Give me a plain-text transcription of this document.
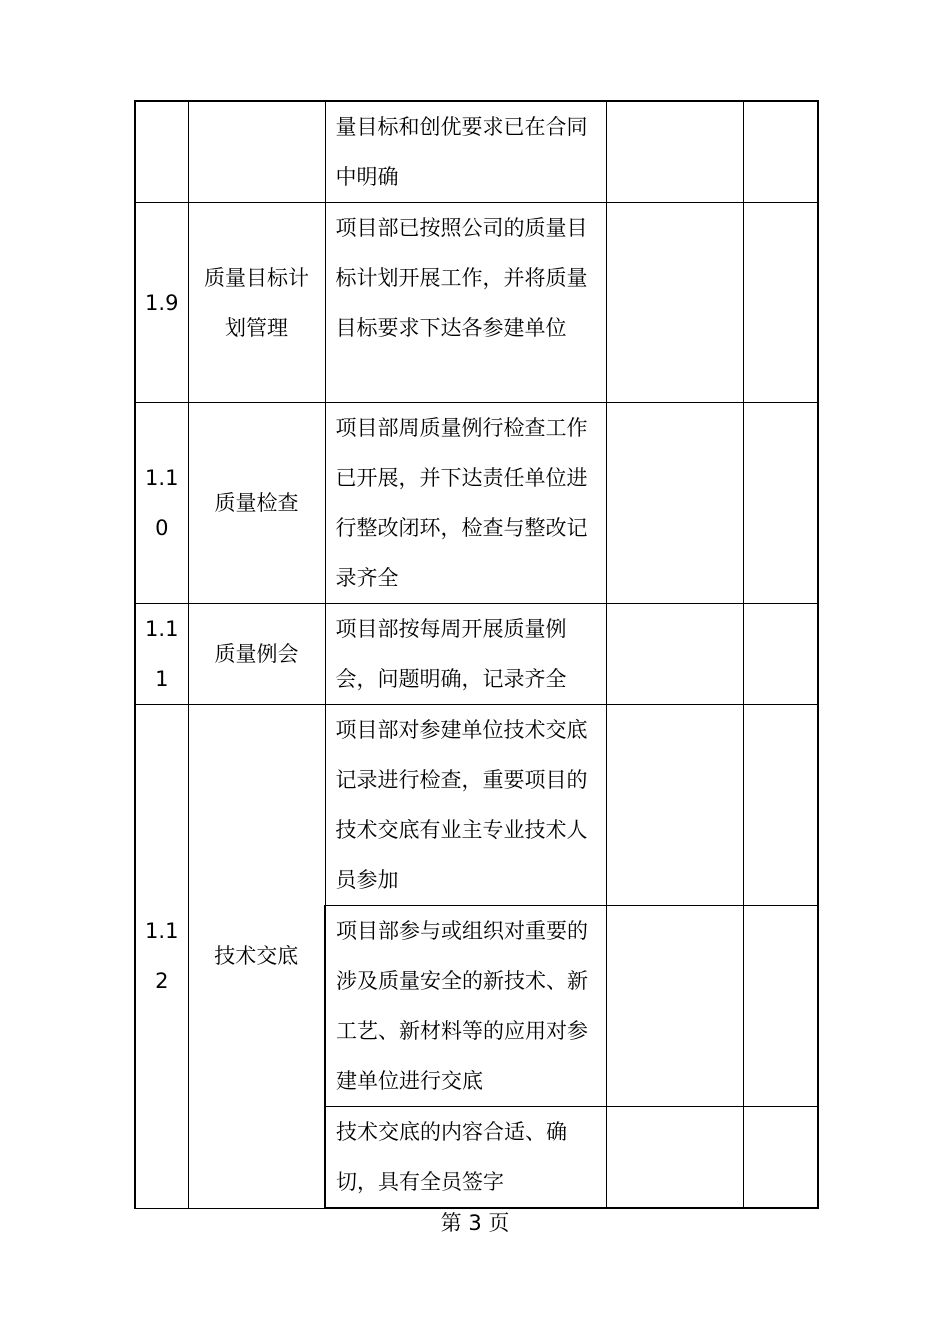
		量目标和创优要求已在合同中明确		
1.9	质量目标计划管理	项目部已按照公司的质量目标计划开展工作，并将质量目标要求下达各参建单位		
1.10	质量检查	项目部周质量例行检查工作已开展，并下达责任单位进行整改闭环，检查与整改记录齐全		
1.11	质量例会	项目部按每周开展质量例会，问题明确，记录齐全		
1.12	技术交底	项目部对参建单位技术交底记录进行检查，重要项目的技术交底有业主专业技术人员参加		
		项目部参与或组织对重要的涉及质量安全的新技术、新工艺、新材料等的应用对参建单位进行交底		
		技术交底的内容合适、确切，具有全员签字		
第 3 页
